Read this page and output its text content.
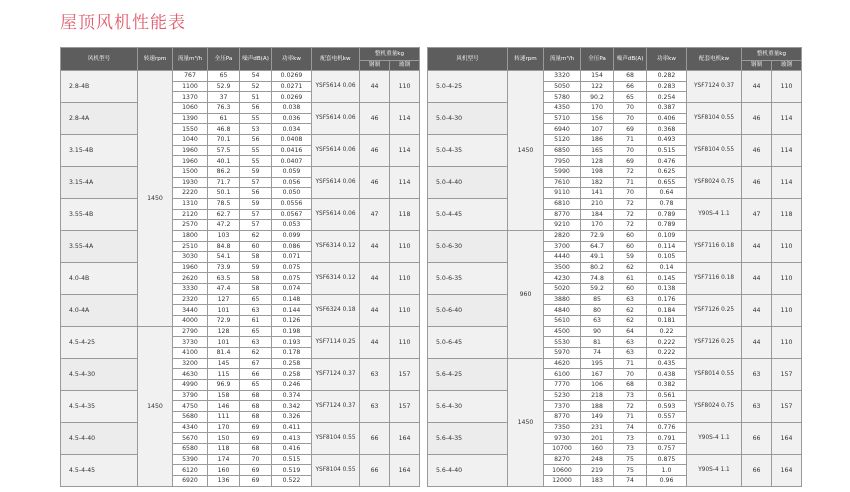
屋顶风机性能表
风机型号	转速rpm	流量m³/h	全压Pa	噪声dB(A)	功率kw	配套电机kw	整机重量kg	
							钢制	玻钢
2.8-4B	1450	767	65	54	0.0269	YSF5614 0.06	44	110
		1100	52.9	52	0.0271			
		1370	37	51	0.0269			
2.8-4A		1060	76.3	56	0.038	YSF5614 0.06	46	114
		1390	61	55	0.036			
		1550	46.8	53	0.034			
3.15-4B		1040	70.1	56	0.0408	YSF5614 0.06	46	114
		1960	57.5	55	0.0416			
		1960	40.1	55	0.0407			
3.15-4A		1500	86.2	59	0.059	YSF5614 0.06	46	114
		1930	71.7	57	0.056			
		2220	50.1	56	0.050			
3.55-4B		1310	78.5	59	0.0556	YSF5614 0.06	47	118
		2120	62.7	57	0.0567			
		2570	47.2	57	0.053			
3.55-4A		1800	103	62	0.099	YSF6314 0.12	44	110
		2510	84.8	60	0.086			
		3030	54.1	58	0.071			
4.0-4B		1960	73.9	59	0.075	YSF6314 0.12	44	110
		2620	63.5	58	0.075			
		3330	47.4	58	0.074			
4.0-4A		2320	127	65	0.148	YSF6324 0.18	44	110
		3440	101	63	0.144			
		4000	72.9	61	0.126			
4.5-4-25	1450	2790	128	65	0.198	YSF7114 0.25	44	110
		3730	101	63	0.193			
		4100	81.4	62	0.178			
4.5-4-30		3200	145	67	0.258	YSF7124 0.37	63	157
		4630	115	66	0.258			
		4990	96.9	65	0.246			
4.5-4-35		3790	158	68	0.374	YSF7124 0.37	63	157
		4750	146	68	0.342			
		5680	111	68	0.326			
4.5-4-40		4340	170	69	0.411	YSF8104 0.55	66	164
		5670	150	69	0.413			
		6580	118	68	0.416			
4.5-4-45		5390	174	70	0.515	YSF8104 0.55	66	164
		6120	160	69	0.519			
		6920	136	69	0.522			
风机型号	转速rpm	流量m³/h	全压Pa	噪声dB(A)	功率kw	配套电机kw	整机重量kg	
							钢制	玻钢
5.0-4-25	1450	3320	154	68	0.282	YSF7124 0.37	44	110
		5050	122	66	0.283			
		5780	90.2	65	0.254			
5.0-4-30		4350	170	70	0.387	YSF8104 0.55	46	114
		5710	156	70	0.406			
		6940	107	69	0.368			
5.0-4-35		5120	186	71	0.493	YSF8104 0.55	46	114
		6850	165	70	0.515			
		7950	128	69	0.476			
5.0-4-40		5990	198	72	0.625	YSF8024 0.75	46	114
		7610	182	71	0.655			
		9110	141	70	0.64			
5.0-4-45		6810	210	72	0.78	Y90S-4 1.1	47	118
		8770	184	72	0.789			
		9210	170	72	0.789			
5.0-6-30	960	2820	72.9	60	0.109	YSF7116 0.18	44	110
		3700	64.7	60	0.114			
		4440	49.1	59	0.105			
5.0-6-35		3500	80.2	62	0.14	YSF7116 0.18	44	110
		4230	74.8	61	0.145			
		5020	59.2	60	0.138			
5.0-6-40		3880	85	63	0.176	YSF7126 0.25	44	110
		4840	80	62	0.184			
		5610	63	62	0.181			
5.0-6-45		4500	90	64	0.22	YSF7126 0.25	44	110
		5530	81	63	0.222			
		5970	74	63	0.222			
5.6-4-25	1450	4620	195	71	0.435	YSF8014 0.55	63	157
		6100	167	70	0.438			
		7770	106	68	0.382			
5.6-4-30		5230	218	73	0.561	YSF8024 0.75	63	157
		7370	188	72	0.593			
		8770	149	71	0.557			
5.6-4-35		7350	231	74	0.776	Y90S-4 1.1	66	164
		9730	201	73	0.791			
		10700	160	73	0.757			
5.6-4-40		8270	248	75	0.875	Y90S-4 1.1	66	164
		10600	219	75	1.0			
		12000	183	74	0.96			
